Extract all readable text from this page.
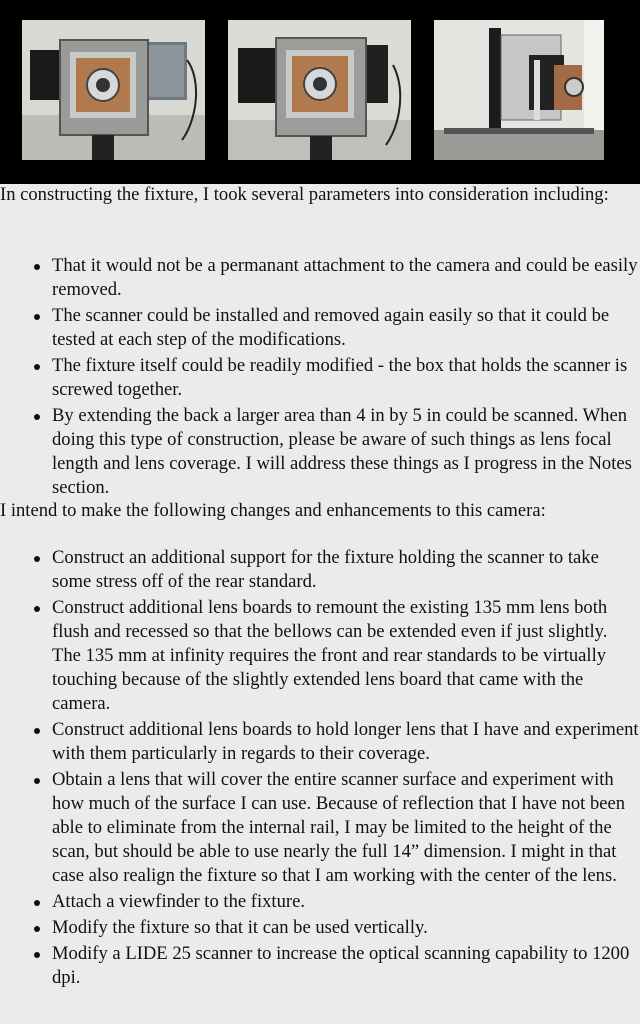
In constructing the fixture, I took several parameters into consideration including:

That it would not be a permanant attachment to the camera and could be easily removed.
The scanner could be installed and removed again easily so that it could be tested at each step of the modifications.
The fixture itself could be readily modified - the box that holds the scanner is screwed together.
By extending the back a larger area than 4 in by 5 in could be scanned. When doing this type of construction, please be aware of such things as lens focal length and lens coverage. I will address these things as I progress in the Notes section.

I intend to make the following changes and enhancements to this camera:

Construct an additional support for the fixture holding the scanner to take some stress off of the rear standard.
Construct additional lens boards to remount the existing 135 mm lens both flush and recessed so that the bellows can be extended even if just slightly. The 135 mm at infinity requires the front and rear standards to be virtually touching because of the slightly extended lens board that came with the camera.
Construct additional lens boards to hold longer lens that I have and experiment with them particularly in regards to their coverage.
Obtain a lens that will cover the entire scanner surface and experiment with how much of the surface I can use. Because of reflection that I have not been able to eliminate from the internal rail, I may be limited to the height of the scan, but should be able to use nearly the full 14” dimension. I might in that case also realign the fixture so that I am working with the center of the lens.
Attach a viewfinder to the fixture.
Modify the fixture so that it can be used vertically.
Modify a LIDE 25 scanner to increase the optical scanning capability to 1200 dpi.
